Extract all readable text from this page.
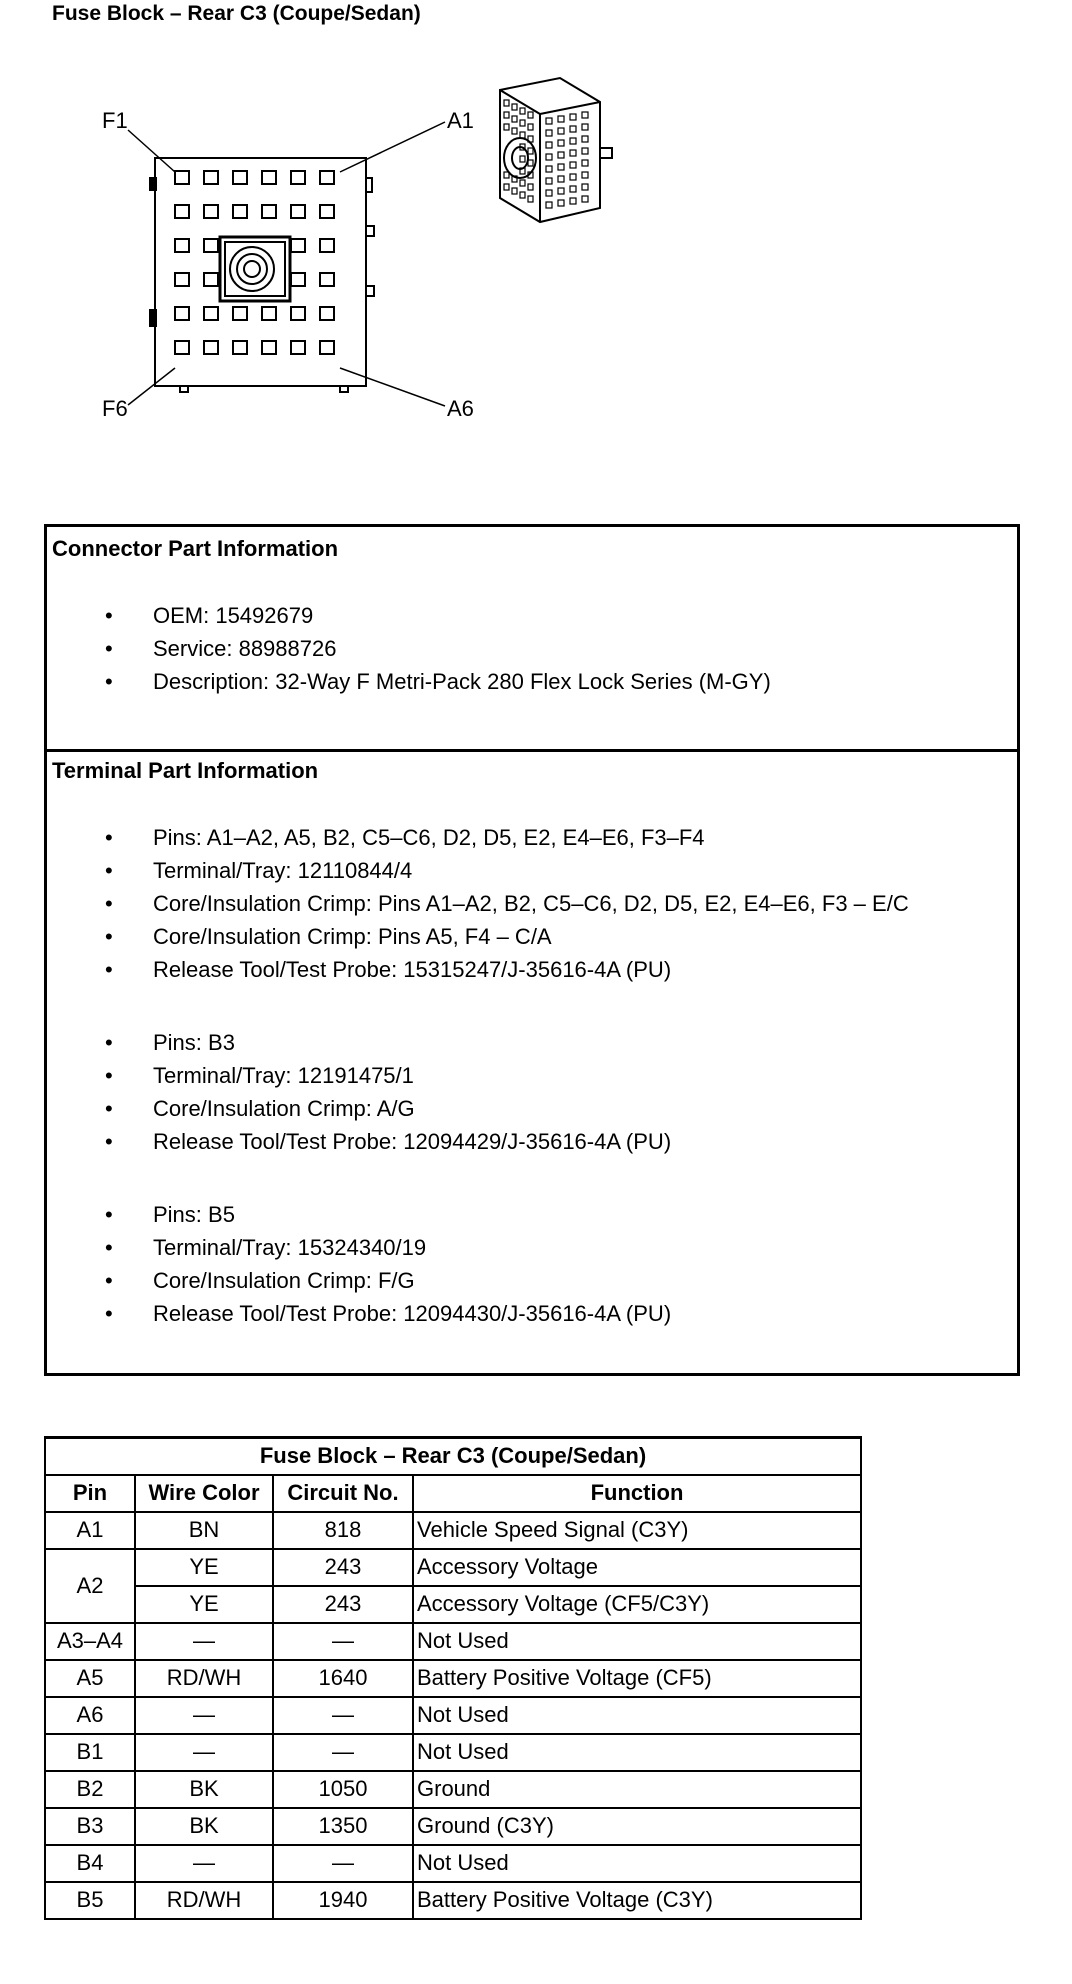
Fuse Block – Rear C3 (Coupe/Sedan)
F1	A1
F6	A6
Connector Part Information
• OEM: 15492679
• Service: 88988726
• Description: 32-Way F Metri-Pack 280 Flex Lock Series (M-GY)
Terminal Part Information
• Pins: A1–A2, A5, B2, C5–C6, D2, D5, E2, E4–E6, F3–F4
• Terminal/Tray: 12110844/4
• Core/Insulation Crimp: Pins A1–A2, B2, C5–C6, D2, D5, E2, E4–E6, F3 – E/C
• Core/Insulation Crimp: Pins A5, F4 – C/A
• Release Tool/Test Probe: 15315247/J-35616-4A (PU)
• Pins: B3
• Terminal/Tray: 12191475/1
• Core/Insulation Crimp: A/G
• Release Tool/Test Probe: 12094429/J-35616-4A (PU)
• Pins: B5
• Terminal/Tray: 15324340/19
• Core/Insulation Crimp: F/G
• Release Tool/Test Probe: 12094430/J-35616-4A (PU)
Fuse Block – Rear C3 (Coupe/Sedan)			
Pin	Wire Color	Circuit No.	Function
A1	BN	818	Vehicle Speed Signal (C3Y)
A2	YE	243	Accessory Voltage
	YE	243	Accessory Voltage (CF5/C3Y)
A3–A4	—	—	Not Used
A5	RD/WH	1640	Battery Positive Voltage (CF5)
A6	—	—	Not Used
B1	—	—	Not Used
B2	BK	1050	Ground
B3	BK	1350	Ground (C3Y)
B4	—	—	Not Used
B5	RD/WH	1940	Battery Positive Voltage (C3Y)
